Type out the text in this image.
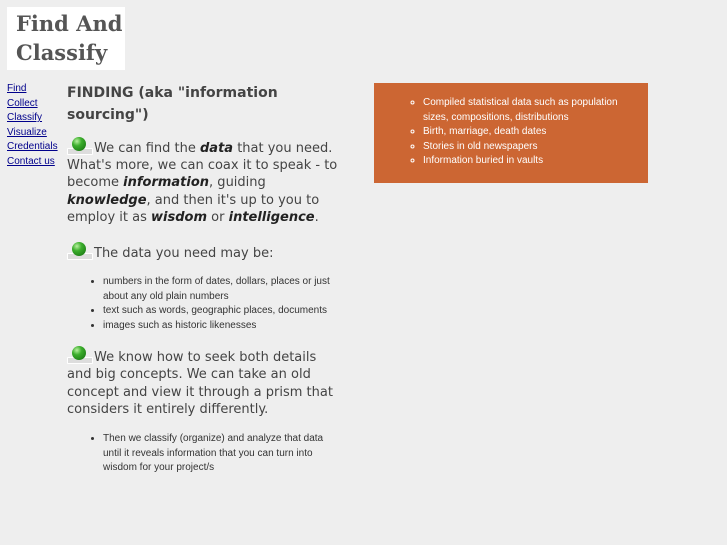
Find And Classify
Find
Collect
Classify
Visualize
Credentials
Contact us
FINDING (aka "information sourcing")

We can find the data that you need. What's more, we can coax it to speak - to become information, guiding knowledge, and then it's up to you to employ it as wisdom or intelligence.

The data you need may be:

• numbers in the form of dates, dollars, places or just about any old plain numbers
• text such as words, geographic places, documents
• images such as historic likenesses

We know how to seek both details and big concepts. We can take an old concept and view it through a prism that considers it entirely differently.

• Then we classify (organize) and analyze that data until it reveals information that you can turn into wisdom for your project/s
◦ Compiled statistical data such as population sizes, compositions, distributions
◦ Birth, marriage, death dates
◦ Stories in old newspapers
◦ Information buried in vaults
